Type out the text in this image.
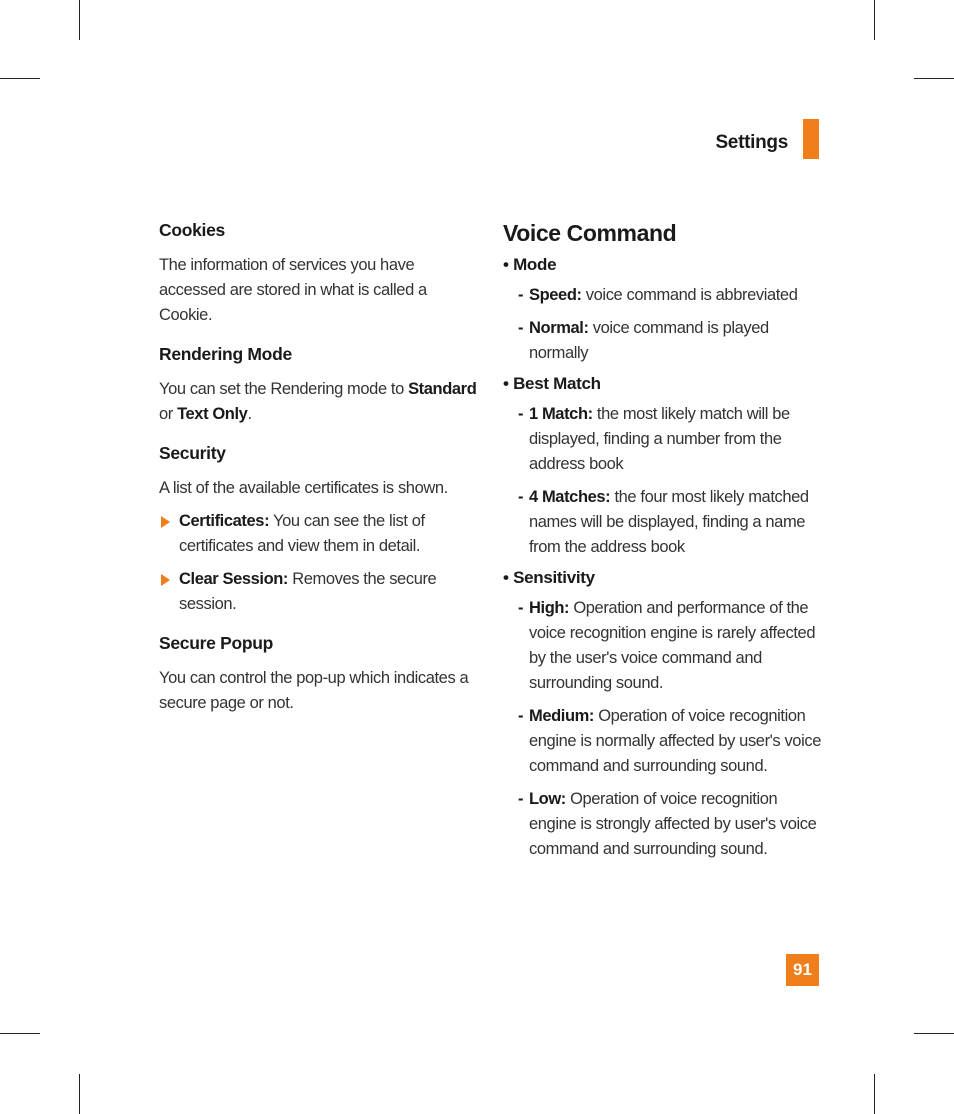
Settings
Cookies
The information of services you have accessed are stored in what is called a Cookie.
Rendering Mode
You can set the Rendering mode to Standard or Text Only.
Security
A list of the available certificates is shown.
Certificates: You can see the list of certificates and view them in detail.
Clear Session: Removes the secure session.
Secure Popup
You can control the pop-up which indicates a secure page or not.
Voice Command
• Mode
- Speed: voice command is abbreviated
- Normal: voice command is played normally
• Best Match
- 1 Match: the most likely match will be displayed, finding a number from the address book
- 4 Matches: the four most likely matched names will be displayed, finding a name from the address book
• Sensitivity
- High: Operation and performance of the voice recognition engine is rarely affected by the user's voice command and surrounding sound.
- Medium: Operation of voice recognition engine is normally affected by user's voice command and surrounding sound.
- Low: Operation of voice recognition engine is strongly affected by user's voice command and surrounding sound.
91
